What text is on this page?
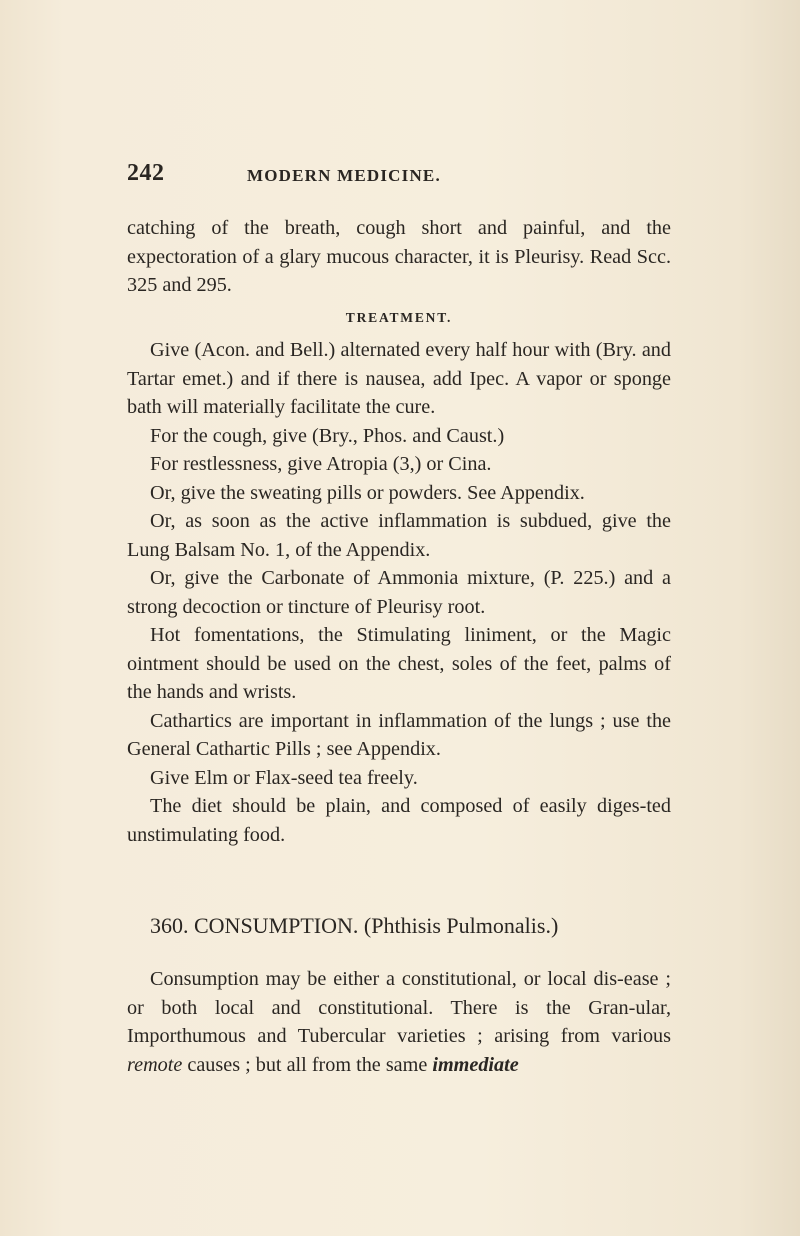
242	MODERN MEDICINE.

catching of the breath, cough short and painful, and the expectoration of a glary mucous character, it is Pleurisy. Read Scc. 325 and 295.

TREATMENT.

Give (Acon. and Bell.) alternated every half hour with (Bry. and Tartar emet.) and if there is nausea, add Ipec. A vapor or sponge bath will materially facilitate the cure.

For the cough, give (Bry., Phos. and Caust.)

For restlessness, give Atropia (3,) or Cina.

Or, give the sweating pills or powders. See Appendix.

Or, as soon as the active inflammation is subdued, give the Lung Balsam No. 1, of the Appendix.

Or, give the Carbonate of Ammonia mixture, (P. 225.) and a strong decoction or tincture of Pleurisy root.

Hot fomentations, the Stimulating liniment, or the Magic ointment should be used on the chest, soles of the feet, palms of the hands and wrists.

Cathartics are important in inflammation of the lungs ; use the General Cathartic Pills ; see Appendix.

Give Elm or Flax-seed tea freely.

The diet should be plain, and composed of easily diges-ted unstimulating food.

360. CONSUMPTION. (Phthisis Pulmonalis.)

Consumption may be either a constitutional, or local dis-ease ; or both local and constitutional. There is the Gran-ular, Importhumous and Tubercular varieties ; arising from various remote causes ; but all from the same immediate
